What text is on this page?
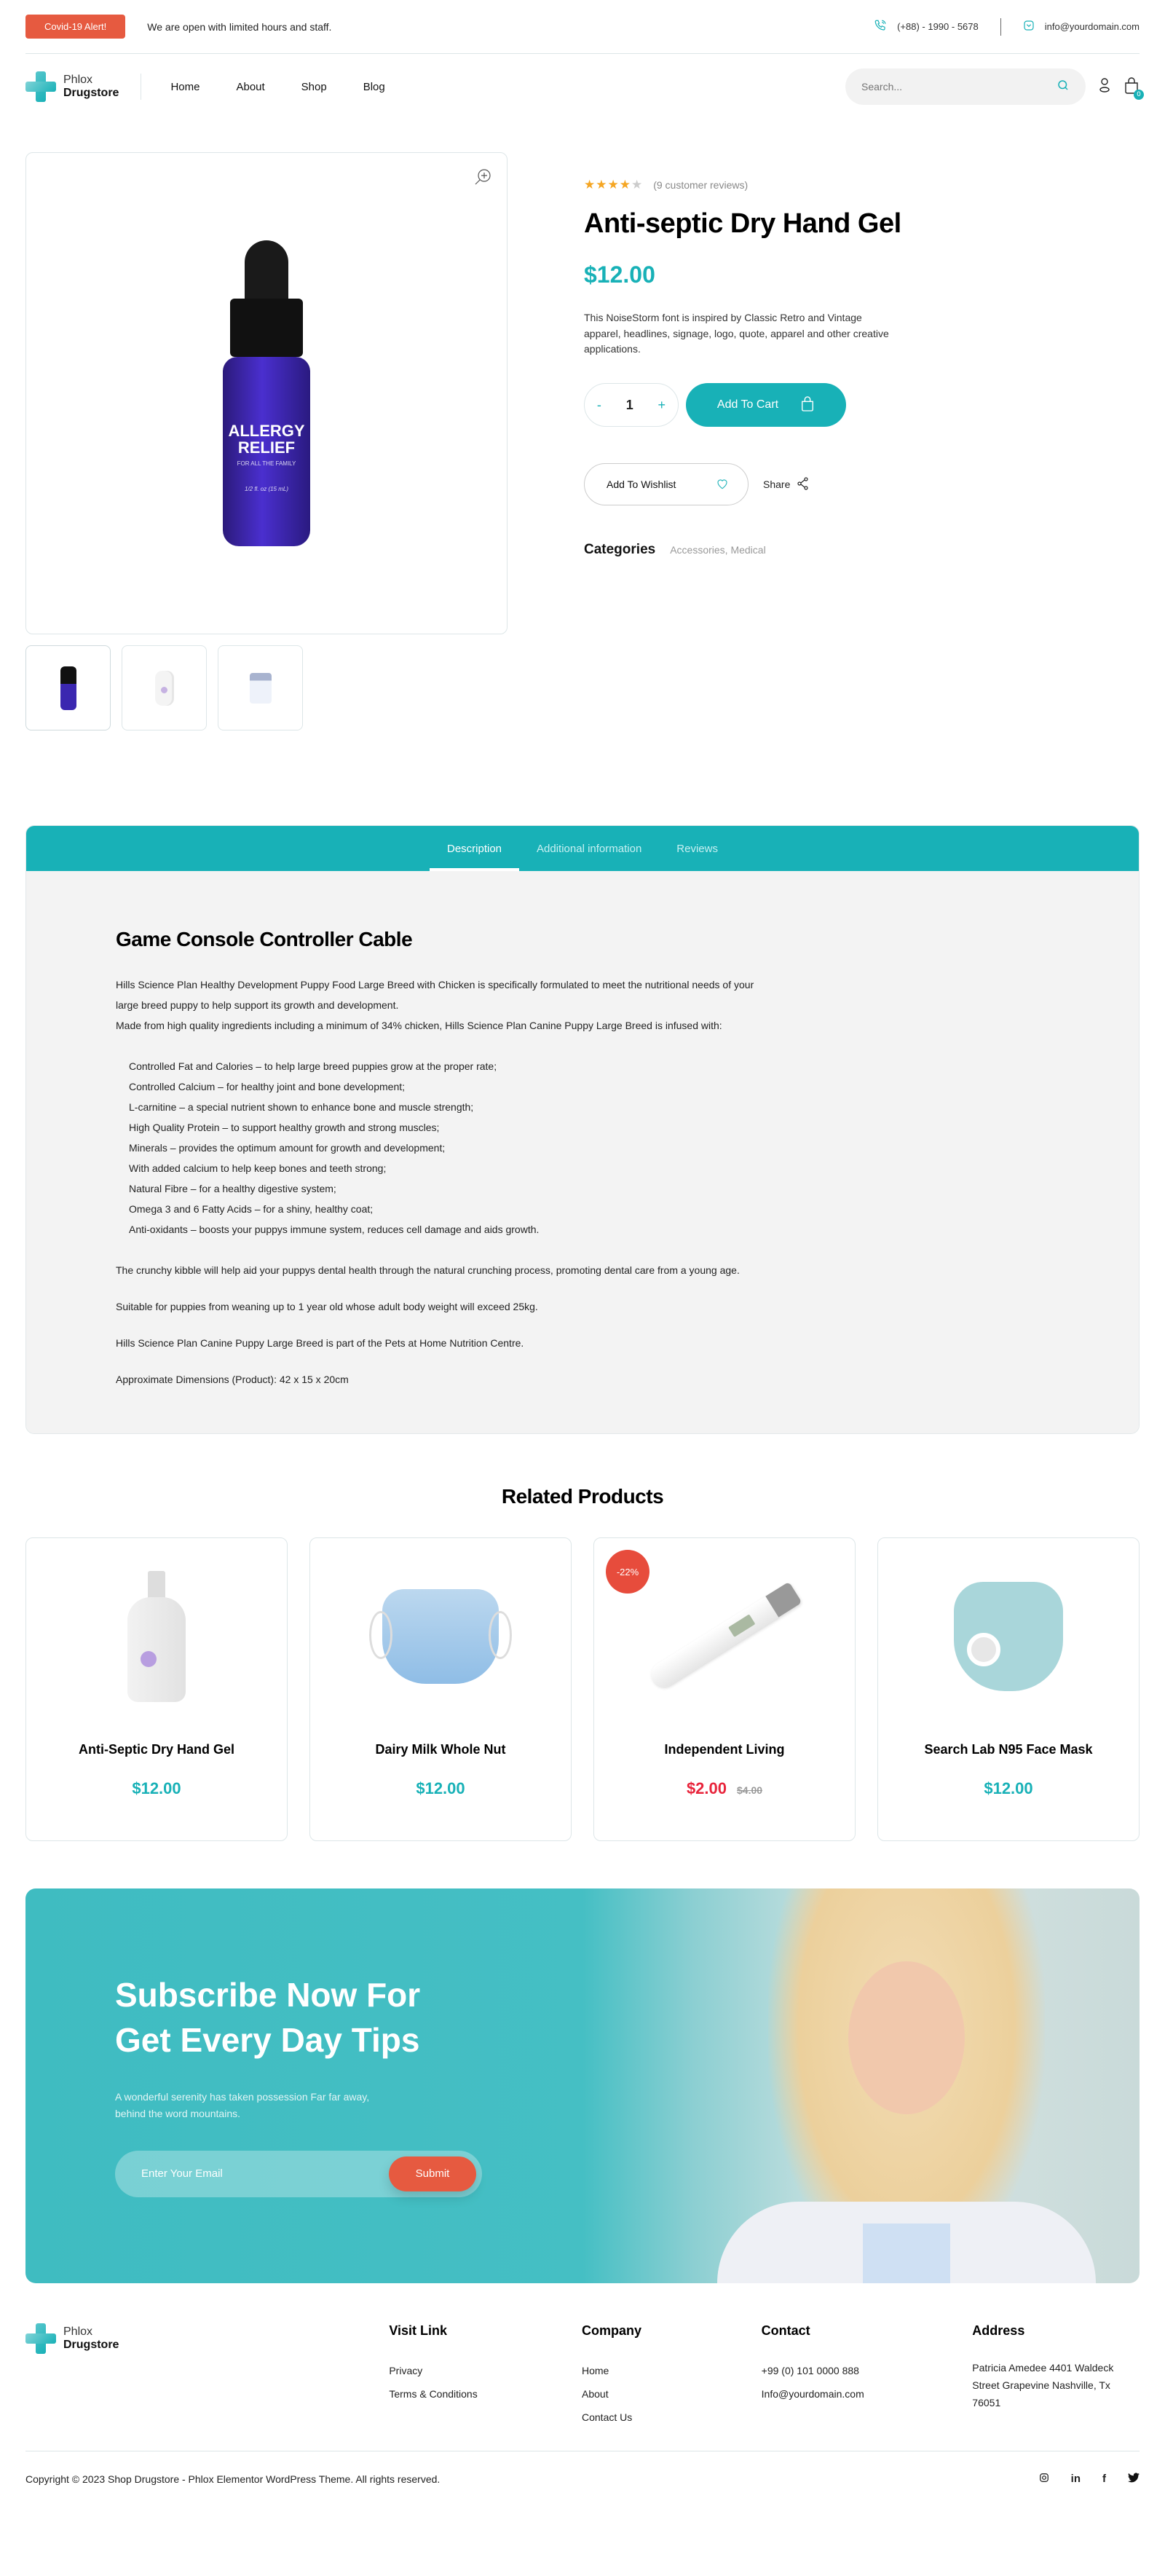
Covid-19 Alert!	We are open with limited hours and staff.	(+88) - 1990 - 5678	info@yourdomain.com
Phlox
Drugstore	Home	About	Shop	Blog
Search...
0
ALLERGY
RELIEF
FOR ALL THE FAMILY
1/2 fl. oz (15 mL)
★★★★★ (9 customer reviews)
Anti-septic Dry Hand Gel
$12.00

This NoiseStorm font is inspired by Classic Retro and Vintage apparel, headlines, signage, logo, quote, apparel and other creative applications.

- 1 +	Add To Cart
Add To Wishlist	Share
Categories Accessories, Medical
Description	Additional information	Reviews
Game Console Controller Cable

Hills Science Plan Healthy Development Puppy Food Large Breed with Chicken is specifically formulated to meet the nutritional needs of your large breed puppy to help support its growth and development.

Made from high quality ingredients including a minimum of 34% chicken, Hills Science Plan Canine Puppy Large Breed is infused with:

Controlled Fat and Calories – to help large breed puppies grow at the proper rate;
Controlled Calcium – for healthy joint and bone development;
L-carnitine – a special nutrient shown to enhance bone and muscle strength;
High Quality Protein – to support healthy growth and strong muscles;
Minerals – provides the optimum amount for growth and development;
With added calcium to help keep bones and teeth strong;
Natural Fibre – for a healthy digestive system;
Omega 3 and 6 Fatty Acids – for a shiny, healthy coat;
Anti-oxidants – boosts your puppys immune system, reduces cell damage and aids growth.

The crunchy kibble will help aid your puppys dental health through the natural crunching process, promoting dental care from a young age.

Suitable for puppies from weaning up to 1 year old whose adult body weight will exceed 25kg.

Hills Science Plan Canine Puppy Large Breed is part of the Pets at Home Nutrition Centre.

Approximate Dimensions (Product): 42 x 15 x 20cm

Related Products
Anti-Septic Dry Hand Gel
$12.00
Dairy Milk Whole Nut
$12.00
-22%
Independent Living
$2.00 $4.00
Search Lab N95 Face Mask
$12.00
Subscribe Now For
Get Every Day Tips

A wonderful serenity has taken possession Far far away, behind the word mountains.

Enter Your Email
Submit
Phlox
Drugstore
Visit Link
Privacy
Terms & Conditions
Company
Home
About
Contact Us
Contact
+99 (0) 101 0000 888
Info@yourdomain.com
Address
Patricia Amedee 4401 Waldeck Street Grapevine Nashville, Tx 76051
Copyright © 2023 Shop Drugstore - Phlox Elementor WordPress Theme. All rights reserved.	in f
